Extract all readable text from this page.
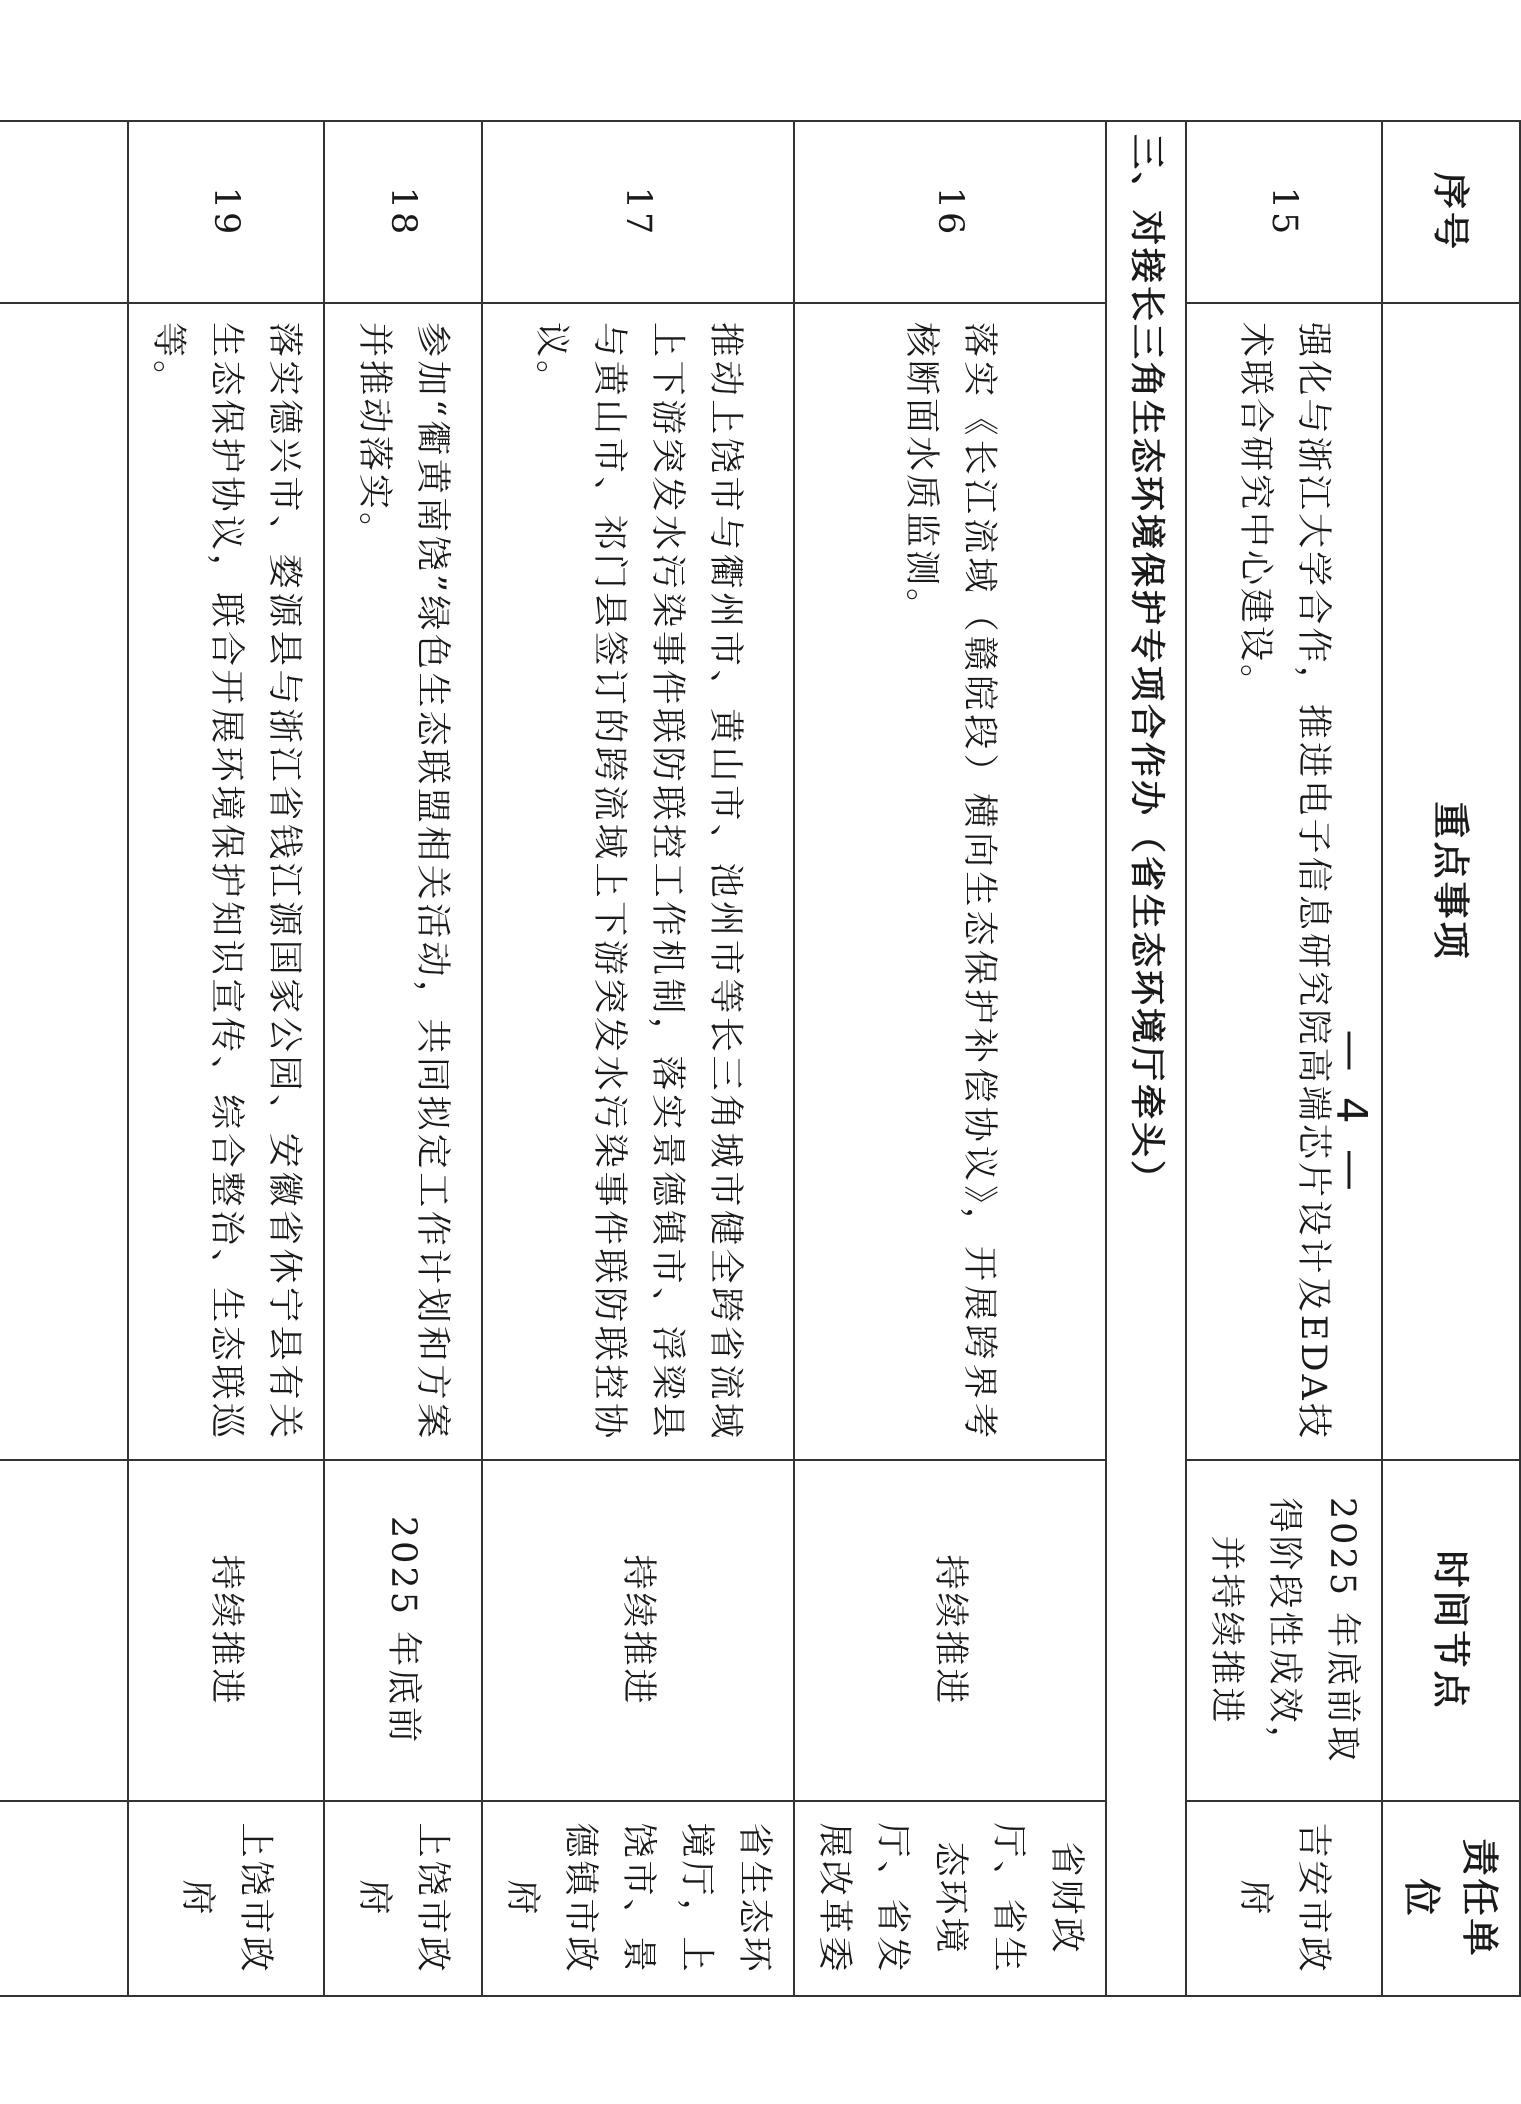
序号	重点事项	时间节点	责任单位
15	强化与浙江大学合作，推进电子信息研究院高端芯片设计及EDA技术联合研究中心建设。	2025 年底前取得阶段性成效，并持续推进	吉安市政府
三、对接长三角生态环境保护专项合作办（省生态环境厅牵头）			
16	落实《长江流域（赣皖段）横向生态保护补偿协议》，开展跨界考核断面水质监测。	持续推进	省财政厅、省生态环境厅、省发展改革委
17	推动上饶市与衢州市、黄山市、池州市等长三角城市健全跨省流域上下游突发水污染事件联防联控工作机制，落实景德镇市、浮梁县与黄山市、祁门县签订的跨流域上下游突发水污染事件联防联控协议。	持续推进	省生态环境厅，上饶市、景德镇市政府
18	参加“衢黄南饶”绿色生态联盟相关活动，共同拟定工作计划和方案并推动落实。	2025 年底前	上饶市政府
19	落实德兴市、婺源县与浙江省钱江源国家公园、安徽省休宁县有关生态保护协议，联合开展环境保护知识宣传、综合整治、生态联巡等。	持续推进	上饶市政府

— 4 —
